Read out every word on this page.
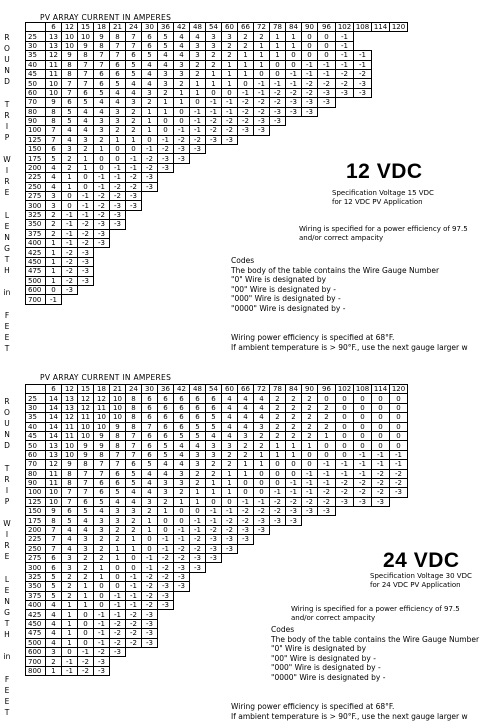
PV ARRAY CURRENT IN AMPERES
R
O
U
N
D
T
R
I
P
W
I
R
E
L
E
N
G
T
H
in
F
E
E
T
	6	12	15	18	21	24	30	36	42	48	54	60	66	72	78	84	90	96	102	108	114	120
25	13	10	10	9	8	7	6	5	4	4	3	3	2	2	1	1	0	0	-1			
30	13	10	9	8	7	7	6	5	4	3	3	2	2	1	1	1	0	0	-1			
35	12	9	8	7	7	6	5	4	4	3	2	2	1	1	1	0	0	0	-1	-1		
40	11	8	7	7	6	5	4	4	3	2	2	1	1	1	0	0	-1	-1	-1	-1		
45	11	8	7	6	6	5	4	3	3	2	1	1	1	0	0	-1	-1	-1	-2	-2		
50	10	7	7	6	5	4	4	3	2	1	1	1	0	-1	-1	-1	-2	-2	-2	-3		
60	10	7	6	5	4	4	3	2	1	1	0	0	-1	-1	-2	-2	-2	-3	-3	-3		
70	9	6	5	4	4	3	2	1	1	0	-1	-1	-2	-2	-2	-3	-3	-3				
80	8	5	4	4	3	2	1	1	0	-1	-1	-1	-2	-2	-3	-3	-3					
90	8	5	4	3	3	2	1	0	0	-1	-2	-2	-2	-3	-3							
100	7	4	4	3	2	2	1	0	-1	-1	-2	-2	-3	-3								
125	7	4	3	2	1	1	0	-1	-2	-2	-3	-3										
150	6	3	2	1	0	0	-1	-2	-3	-3												
175	5	2	1	0	0	-1	-2	-3	-3													
200	4	2	1	0	-1	-1	-2	-3														
225	4	1	0	-1	-1	-2	-3															
250	4	1	0	-1	-2	-2	-3															
275	3	0	-1	-2	-2	-3																
300	3	0	-1	-2	-3	-3																
325	2	-1	-1	-2	-3																	
350	2	-1	-2	-3	-3																	
375	2	-1	-2	-3																		
400	1	-1	-2	-3																		
425	1	-2	-3																			
450	1	-2	-3																			
475	1	-2	-3																			
500	1	-2	-3																			
600	0	-3																				
700	-1																					
12 VDC
Specification Voltage 15 VDC
for 12 VDC PV Application
Wiring is specified for a power efficiency of 97.5
and/or correct ampacity
Codes
The body of the table contains the Wire Gauge Number
"0" Wire is designated by
"00" Wire is designated by -
"000" Wire is designated by -
"0000" Wire is designated by -
Wiring power efficiency is specified at 68°F.
If ambient temperature is > 90°F., use the next gauge larger w
PV ARRAY CURRENT IN AMPERES
R
O
U
N
D
T
R
I
P
W
I
R
E
L
E
N
G
T
H
in
F
E
E
T
	6	12	15	18	21	24	30	36	42	48	54	60	66	72	78	84	90	96	102	108	114	120
25	14	13	12	12	10	8	6	6	6	6	6	4	4	4	2	2	2	0	0	0	0	0
30	14	13	12	11	10	8	6	6	6	6	6	4	4	4	2	2	2	2	0	0	0	0
35	14	12	11	10	10	8	6	6	6	6	5	4	4	4	2	2	2	2	0	0	0	0
40	14	11	10	10	9	8	7	6	6	5	5	4	4	3	2	2	2	2	0	0	0	0
45	14	11	10	9	8	7	6	6	5	5	4	4	3	2	2	2	2	1	0	0	0	0
50	13	10	9	9	8	7	6	5	4	4	3	3	2	2	1	1	1	0	0	0	0	0
60	13	10	9	8	7	7	6	5	4	3	3	2	2	1	1	1	0	0	0	-1	-1	-1
70	12	9	8	7	7	6	5	4	4	3	2	2	1	1	0	0	0	-1	-1	-1	-1	-1
80	11	8	7	7	6	5	4	4	3	2	2	1	1	0	0	0	-1	-1	-1	-1	-2	-2
90	11	8	7	6	6	5	4	3	3	2	1	1	0	0	0	-1	-1	-1	-2	-2	-2	-2
100	10	7	7	6	5	4	4	3	2	1	1	1	0	0	-1	-1	-1	-2	-2	-2	-2	-3
125	10	7	6	5	4	4	3	2	1	1	0	0	-1	-1	-2	-2	-2	-2	-3	-3	-3	
150	9	6	5	4	3	3	2	1	0	0	-1	-1	-2	-2	-2	-3	-3	-3				
175	8	5	4	3	3	2	1	0	0	-1	-1	-2	-2	-3	-3	-3						
200	7	4	4	3	2	2	1	0	-1	-1	-2	-2	-3	-3								
225	7	4	3	2	2	1	0	-1	-1	-2	-3	-3	-3									
250	7	4	3	2	1	1	0	-1	-2	-2	-3	-3										
275	6	3	2	2	1	0	-1	-2	-2	-3	-3											
300	6	3	2	1	0	0	-1	-2	-3	-3												
325	5	2	2	1	0	-1	-2	-2	-3													
350	5	2	1	0	0	-1	-2	-3	-3													
375	5	2	1	0	-1	-1	-2	-3														
400	4	1	1	0	-1	-1	-2	-3														
425	4	1	0	-1	-1	-2	-3															
450	4	1	0	-1	-2	-2	-3															
475	4	1	0	-1	-2	-2	-3															
500	4	1	0	-1	-2	-2	-3															
600	3	0	-1	-2	-3																	
700	2	-1	-2	-3																		
800	1	-1	-2	-3																		
24 VDC
Specification Voltage 30 VDC
for 24 VDC PV Application
Wiring is specified for a power efficiency of 97.5
and/or correct ampacity
Codes
The body of the table contains the Wire Gauge Number
"0" Wire is designated by
"00" Wire is designated by -
"000" Wire is designated by -
"0000" Wire is designated by -
Wiring power efficiency is specified at 68°F.
If ambient temperature is > 90°F., use the next gauge larger w
